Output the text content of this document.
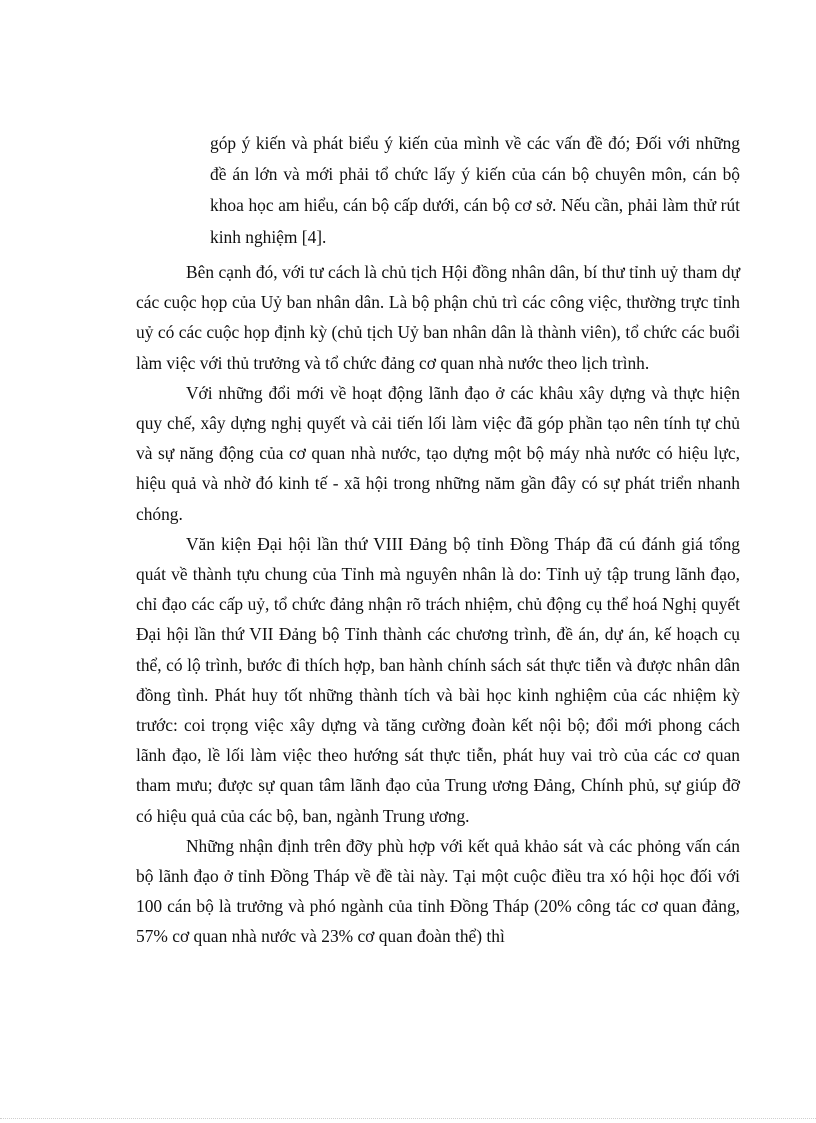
góp ý kiến và phát biểu ý kiến của mình về các vấn đề đó; Đối với những đề án lớn và mới phải tổ chức lấy ý kiến của cán bộ chuyên môn, cán bộ khoa học am hiểu, cán bộ cấp dưới, cán bộ cơ sở. Nếu cần, phải làm thử rút kinh nghiệm [4].

Bên cạnh đó, với tư cách là chủ tịch Hội đồng nhân dân, bí thư tỉnh uỷ tham dự các cuộc họp của Uỷ ban nhân dân. Là bộ phận chủ trì các công việc, thường trực tỉnh uỷ có các cuộc họp định kỳ (chủ tịch Uỷ ban nhân dân là thành viên), tổ chức các buổi làm việc với thủ trưởng và tổ chức đảng cơ quan nhà nước theo lịch trình.

Với những đổi mới về hoạt động lãnh đạo ở các khâu xây dựng và thực hiện quy chế, xây dựng nghị quyết và cải tiến lối làm việc đã góp phần tạo nên tính tự chủ và sự năng động của cơ quan nhà nước, tạo dựng một bộ máy nhà nước có hiệu lực, hiệu quả và nhờ đó kinh tế - xã hội trong những năm gần đây có sự phát triển nhanh chóng.

Văn kiện Đại hội lần thứ VIII Đảng bộ tỉnh Đồng Tháp đã cú đánh giá tổng quát về thành tựu chung của Tỉnh mà nguyên nhân là do: Tỉnh uỷ tập trung lãnh đạo, chỉ đạo các cấp uỷ, tổ chức đảng nhận rõ trách nhiệm, chủ động cụ thể hoá Nghị quyết Đại hội lần thứ VII Đảng bộ Tỉnh thành các chương trình, đề án, dự án, kế hoạch cụ thể, có lộ trình, bước đi thích hợp, ban hành chính sách sát thực tiễn và được nhân dân đồng tình. Phát huy tốt những thành tích và bài học kinh nghiệm của các nhiệm kỳ trước: coi trọng việc xây dựng và tăng cường đoàn kết nội bộ; đổi mới phong cách lãnh đạo, lề lối làm việc theo hướng sát thực tiễn, phát huy vai trò của các cơ quan tham mưu; được sự quan tâm lãnh đạo của Trung ương Đảng, Chính phủ, sự giúp đỡ có hiệu quả của các bộ, ban, ngành Trung ương.

Những nhận định trên đỡy phù hợp với kết quả khảo sát và các phỏng vấn cán bộ lãnh đạo ở tỉnh Đồng Tháp về đề tài này. Tại một cuộc điều tra xó hội học đối với 100 cán bộ là trưởng và phó ngành của tỉnh Đồng Tháp (20% công tác cơ quan đảng, 57% cơ quan nhà nước và 23% cơ quan đoàn thể) thì
